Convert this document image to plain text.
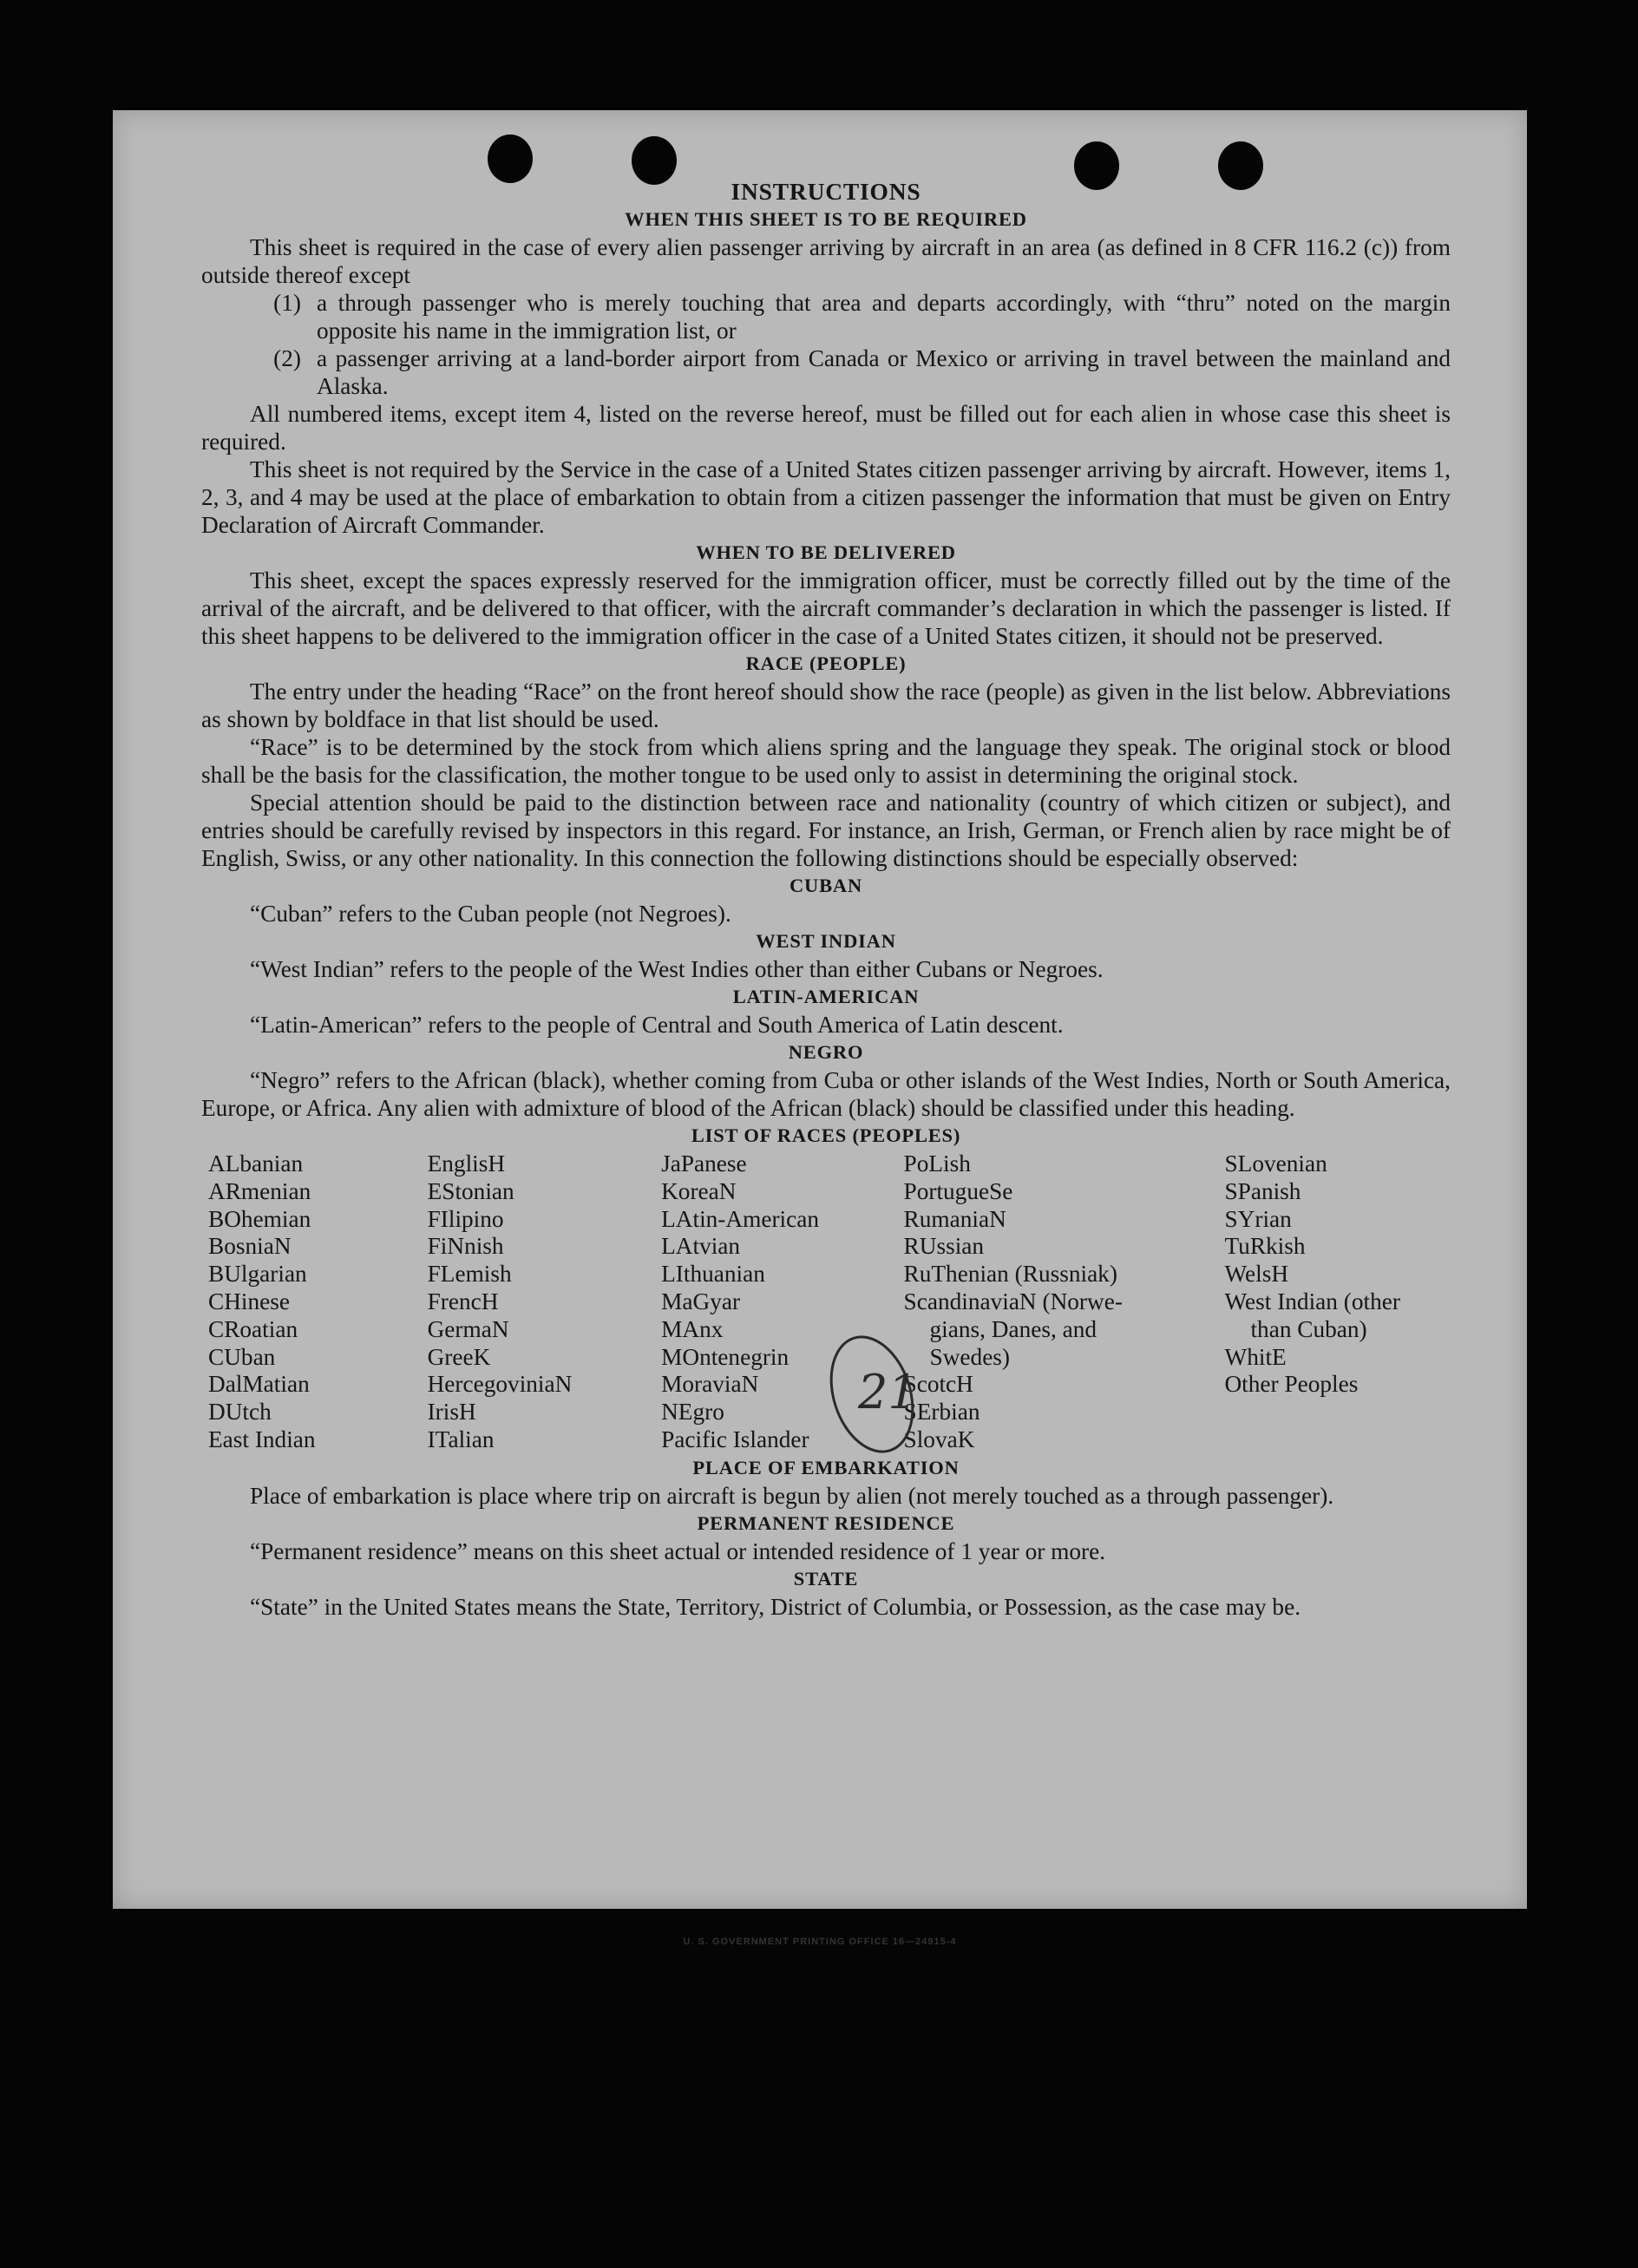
INSTRUCTIONS
WHEN THIS SHEET IS TO BE REQUIRED

This sheet is required in the case of every alien passenger arriving by aircraft in an area (as defined in 8 CFR 116.2 (c)) from outside thereof except

(1) a through passenger who is merely touching that area and departs accordingly, with “thru” noted on the margin opposite his name in the immigration list, or
(2) a passenger arriving at a land-border airport from Canada or Mexico or arriving in travel between the mainland and Alaska.

All numbered items, except item 4, listed on the reverse hereof, must be filled out for each alien in whose case this sheet is required.

This sheet is not required by the Service in the case of a United States citizen passenger arriving by aircraft. However, items 1, 2, 3, and 4 may be used at the place of embarkation to obtain from a citizen passenger the information that must be given on Entry Declaration of Aircraft Commander.

WHEN TO BE DELIVERED

This sheet, except the spaces expressly reserved for the immigration officer, must be correctly filled out by the time of the arrival of the aircraft, and be delivered to that officer, with the aircraft commander’s declaration in which the passenger is listed. If this sheet happens to be delivered to the immigration officer in the case of a United States citizen, it should not be preserved.

RACE (PEOPLE)

The entry under the heading “Race” on the front hereof should show the race (people) as given in the list below. Abbreviations as shown by boldface in that list should be used.

“Race” is to be determined by the stock from which aliens spring and the language they speak. The original stock or blood shall be the basis for the classification, the mother tongue to be used only to assist in determining the original stock.

Special attention should be paid to the distinction between race and nationality (country of which citizen or subject), and entries should be carefully revised by inspectors in this regard. For instance, an Irish, German, or French alien by race might be of English, Swiss, or any other nationality. In this connection the following distinctions should be especially observed:

CUBAN

“Cuban” refers to the Cuban people (not Negroes).

WEST INDIAN

“West Indian” refers to the people of the West Indies other than either Cubans or Negroes.

LATIN-AMERICAN

“Latin-American” refers to the people of Central and South America of Latin descent.

NEGRO

“Negro” refers to the African (black), whether coming from Cuba or other islands of the West Indies, North or South America, Europe, or Africa. Any alien with admixture of blood of the African (black) should be classified under this heading.

LIST OF RACES (PEOPLES)
ALbanian
ARmenian
BOhemian
BosniaN
BUlgarian
CHinese
CRoatian
CUban
DalMatian
DUtch
East Indian
EnglisH
EStonian
FIlipino
FiNnish
FLemish
FrencH
GermaN
GreeK
HercegoviniaN
IrisH
ITalian
JaPanese
KoreaN
LAtin-American
LAtvian
LIthuanian
MaGyar
MAnx
MOntenegrin
MoraviaN
NEgro
Pacific Islander
PoLish
PortugueSe
RumaniaN
RUssian
RuThenian (Russniak)
ScandinaviaN (Norwe-
gians, Danes, and
Swedes)
ScotcH
SErbian
SlovaK
SLovenian
SPanish
SYrian
TuRkish
WelsH
West Indian (other
than Cuban)
WhitE
Other Peoples
PLACE OF EMBARKATION

Place of embarkation is place where trip on aircraft is begun by alien (not merely touched as a through passenger).

PERMANENT RESIDENCE

“Permanent residence” means on this sheet actual or intended residence of 1 year or more.

STATE

“State” in the United States means the State, Territory, District of Columbia, or Possession, as the case may be.

21
U. S. GOVERNMENT PRINTING OFFICE 16—24915-4
